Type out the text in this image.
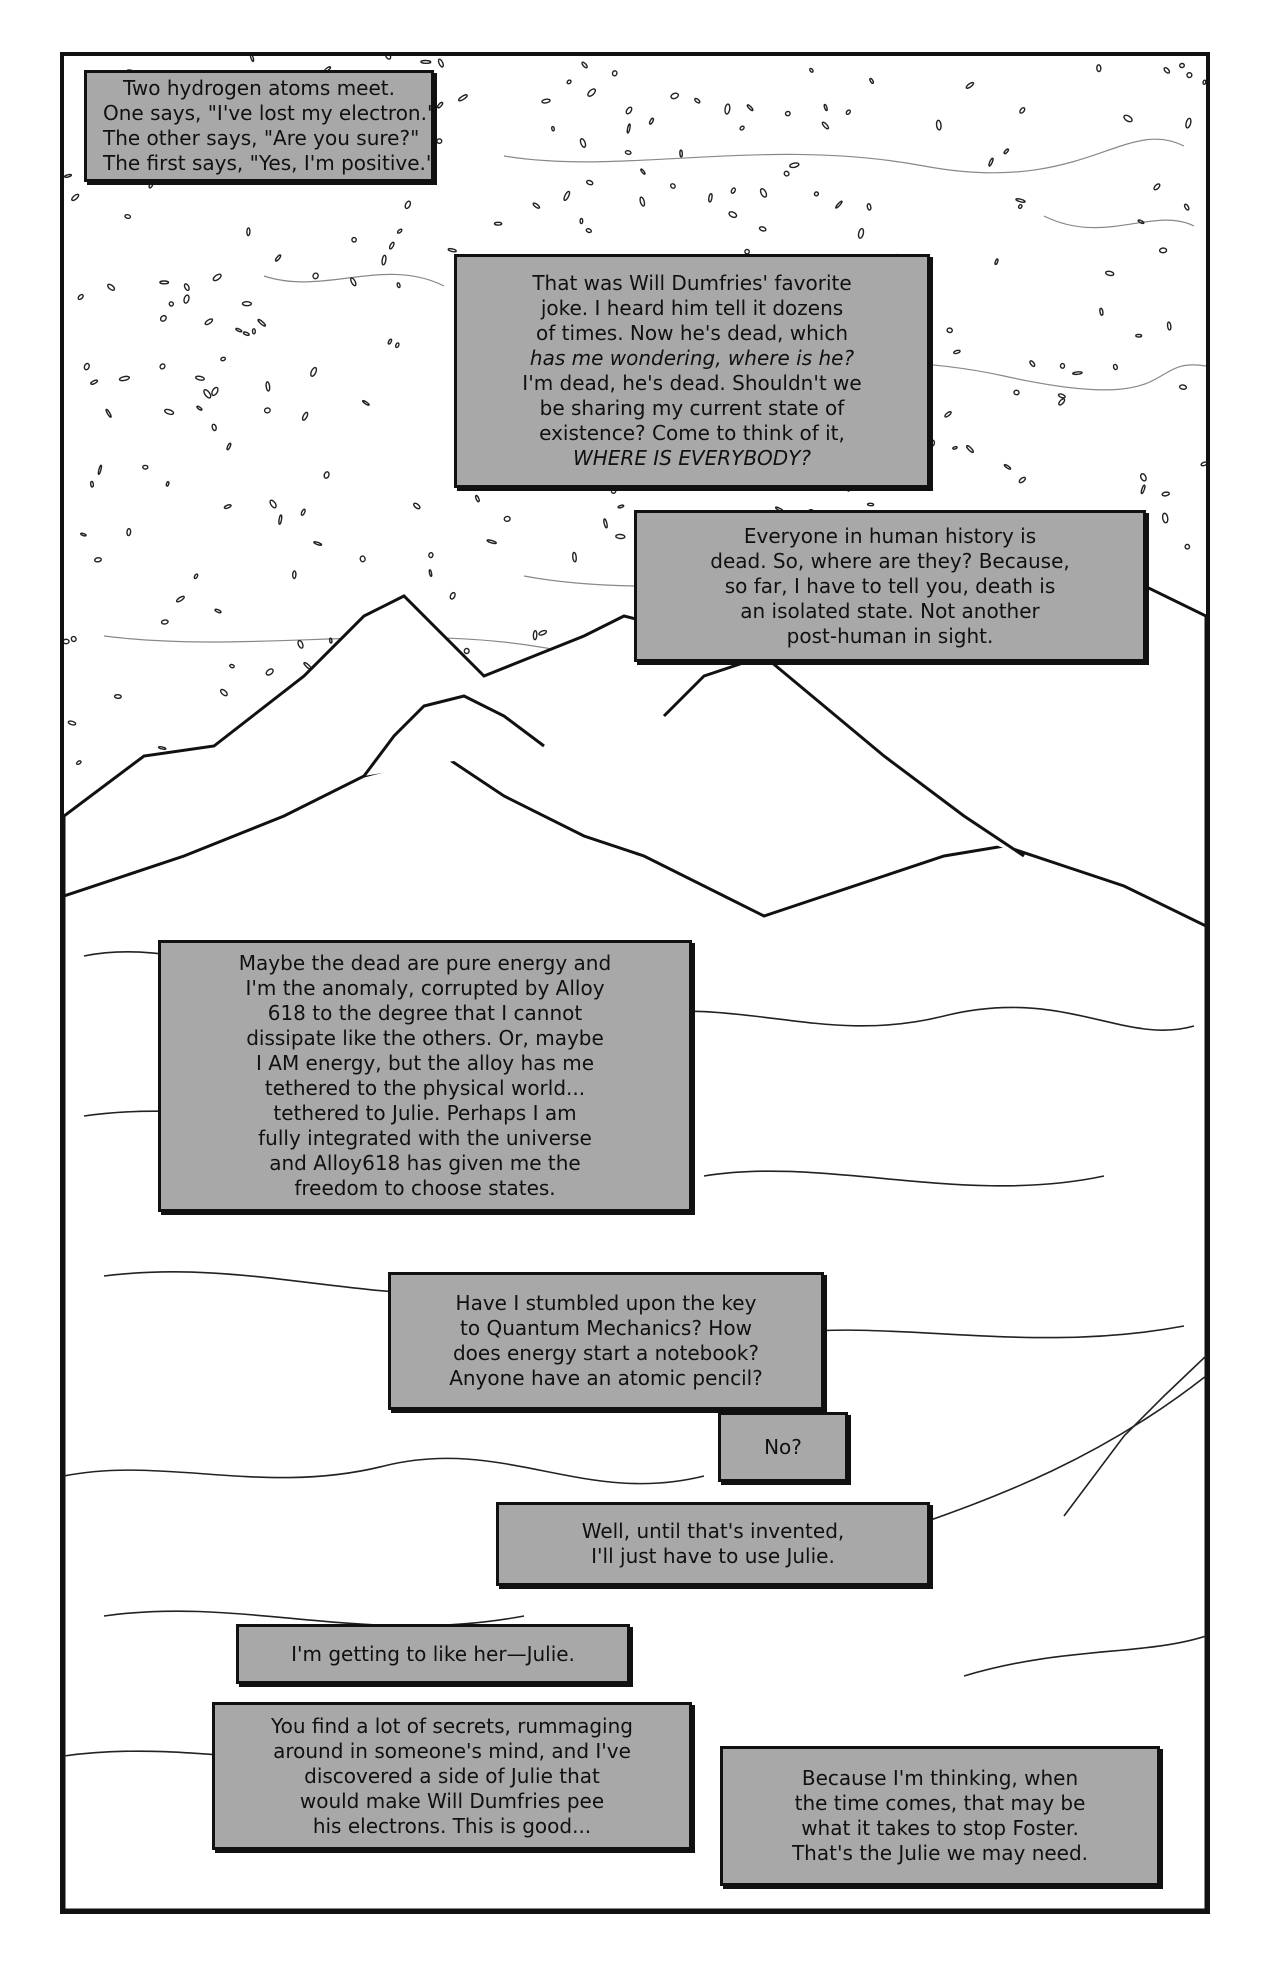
Two hydrogen atoms meet.
One says, "I've lost my electron."
The other says, "Are you sure?"
The first says, "Yes, I'm positive."
That was Will Dumfries' favorite
joke. I heard him tell it dozens
of times. Now he's dead, which
has me wondering, where is he?
I'm dead, he's dead. Shouldn't we
be sharing my current state of
existence? Come to think of it,
WHERE IS EVERYBODY?
Everyone in human history is
dead. So, where are they? Because,
so far, I have to tell you, death is
an isolated state. Not another
post-human in sight.
Maybe the dead are pure energy and
I'm the anomaly, corrupted by Alloy
618 to the degree that I cannot
dissipate like the others. Or, maybe
I AM energy, but the alloy has me
tethered to the physical world...
tethered to Julie. Perhaps I am
fully integrated with the universe
and Alloy618 has given me the
freedom to choose states.
Have I stumbled upon the key
to Quantum Mechanics? How
does energy start a notebook?
Anyone have an atomic pencil?
No?
Well, until that's invented,
I'll just have to use Julie.
I'm getting to like her—Julie.
You find a lot of secrets, rummaging
around in someone's mind, and I've
discovered a side of Julie that
would make Will Dumfries pee
his electrons. This is good...
Because I'm thinking, when
the time comes, that may be
what it takes to stop Foster.
That's the Julie we may need.
